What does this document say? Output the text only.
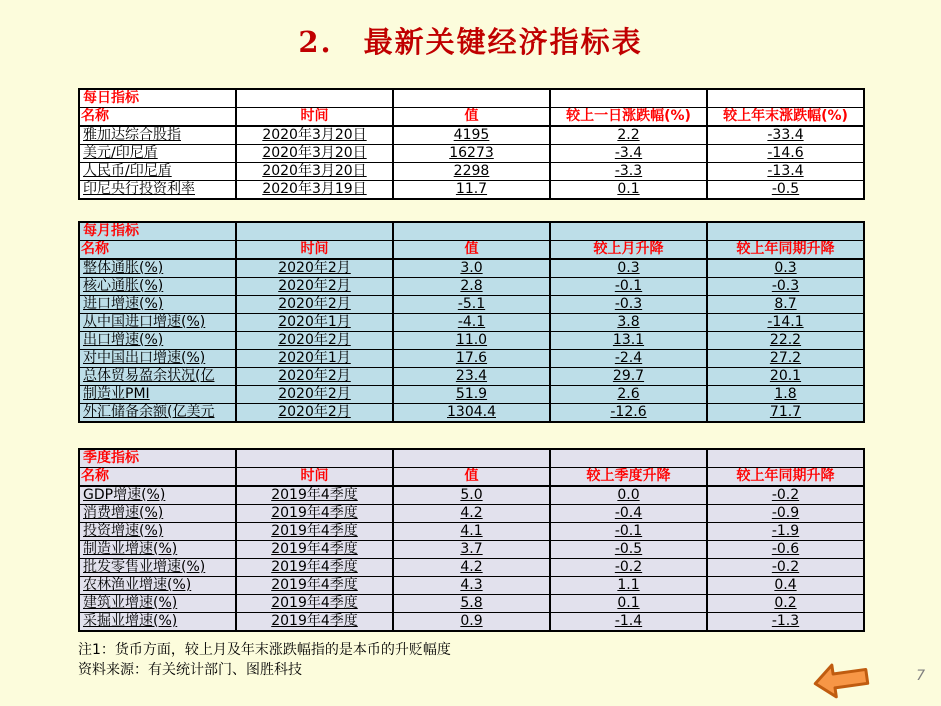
2.　最新关键经济指标表
每日指标				
名称	时间	值	较上一日涨跌幅(%)	较上年末涨跌幅(%)
雅加达综合股指	2020年3月20日	4195	2.2	-33.4
美元/印尼盾	2020年3月20日	16273	-3.4	-14.6
人民币/印尼盾	2020年3月20日	2298	-3.3	-13.4
印尼央行投资利率	2020年3月19日	11.7	0.1	-0.5
每月指标				
名称	时间	值	较上月升降	较上年同期升降
整体通胀(%)	2020年2月	3.0	0.3	0.3
核心通胀(%)	2020年2月	2.8	-0.1	-0.3
进口增速(%)	2020年2月	-5.1	-0.3	8.7
从中国进口增速(%)	2020年1月	-4.1	3.8	-14.1
出口增速(%)	2020年2月	11.0	13.1	22.2
对中国出口增速(%)	2020年1月	17.6	-2.4	27.2
总体贸易盈余状况(亿	2020年2月	23.4	29.7	20.1
制造业PMI	2020年2月	51.9	2.6	1.8
外汇储备余额(亿美元	2020年2月	1304.4	-12.6	71.7
季度指标				
名称	时间	值	较上季度升降	较上年同期升降
GDP增速(%)	2019年4季度	5.0	0.0	-0.2
消费增速(%)	2019年4季度	4.2	-0.4	-0.9
投资增速(%)	2019年4季度	4.1	-0.1	-1.9
制造业增速(%)	2019年4季度	3.7	-0.5	-0.6
批发零售业增速(%)	2019年4季度	4.2	-0.2	-0.2
农林渔业增速(%)	2019年4季度	4.3	1.1	0.4
建筑业增速(%)	2019年4季度	5.8	0.1	0.2
采掘业增速(%)	2019年4季度	0.9	-1.4	-1.3
注1：货币方面，较上月及年末涨跌幅指的是本币的升贬幅度
资料来源：有关统计部门、图胜科技	7
